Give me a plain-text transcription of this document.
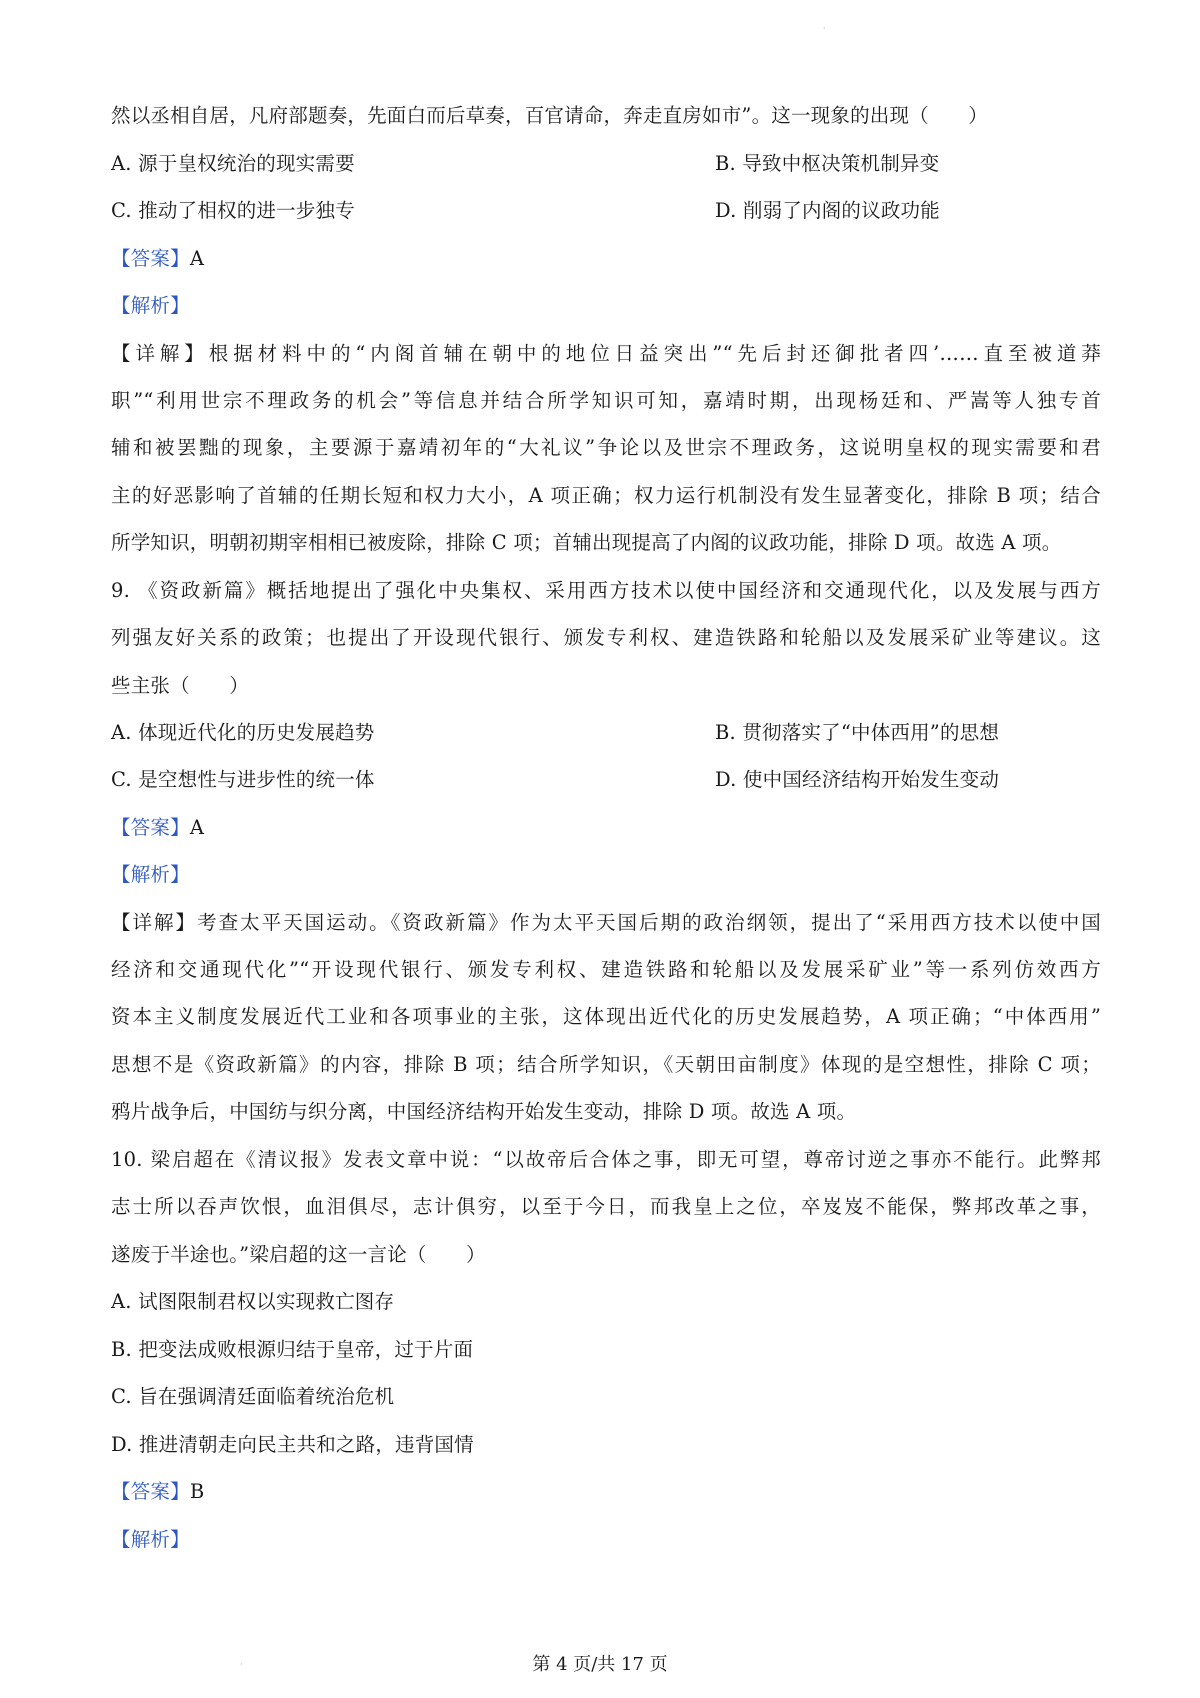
·
然以丞相自居，凡府部题奏，先面白而后草奏，百官请命，奔走直房如市”。这一现象的出现（　　）
A. 源于皇权统治的现实需要	B. 导致中枢决策机制异变
C. 推动了相权的进一步独专	D. 削弱了内阁的议政功能
【答案】A
【解析】
【详解】根据材料中的“内阁首辅在朝中的地位日益突出”“先后封还御批者四’……直至被道莽
职”“利用世宗不理政务的机会”等信息并结合所学知识可知，嘉靖时期，出现杨廷和、严嵩等人独专首
辅和被罢黜的现象，主要源于嘉靖初年的“大礼议”争论以及世宗不理政务，这说明皇权的现实需要和君
主的好恶影响了首辅的任期长短和权力大小，A 项正确；权力运行机制没有发生显著变化，排除 B 项；结合
所学知识，明朝初期宰相相已被废除，排除 C 项；首辅出现提高了内阁的议政功能，排除 D 项。故选 A 项。
9. 《资政新篇》概括地提出了强化中央集权、采用西方技术以使中国经济和交通现代化，以及发展与西方
列强友好关系的政策；也提出了开设现代银行、颁发专利权、建造铁路和轮船以及发展采矿业等建议。这
些主张（　　）
A. 体现近代化的历史发展趋势	B. 贯彻落实了“中体西用”的思想
C. 是空想性与进步性的统一体	D. 使中国经济结构开始发生变动
【答案】A
【解析】
【详解】考查太平天国运动。《资政新篇》作为太平天国后期的政治纲领，提出了“采用西方技术以使中国
经济和交通现代化”“开设现代银行、颁发专利权、建造铁路和轮船以及发展采矿业”等一系列仿效西方
资本主义制度发展近代工业和各项事业的主张，这体现出近代化的历史发展趋势，A 项正确；“中体西用”
思想不是《资政新篇》的内容，排除 B 项；结合所学知识，《天朝田亩制度》体现的是空想性，排除 C 项；
鸦片战争后，中国纺与织分离，中国经济结构开始发生变动，排除 D 项。故选 A 项。
10. 梁启超在《清议报》发表文章中说：“以故帝后合体之事，即无可望，尊帝讨逆之事亦不能行。此弊邦
志士所以吞声饮恨，血泪俱尽，志计俱穷，以至于今日，而我皇上之位，卒岌岌不能保，弊邦改革之事，
遂废于半途也。”梁启超的这一言论（　　）
A. 试图限制君权以实现救亡图存
B. 把变法成败根源归结于皇帝，过于片面
C. 旨在强调清廷面临着统治危机
D. 推进清朝走向民主共和之路，违背国情
【答案】B
【解析】
·	第 4 页/共 17 页
